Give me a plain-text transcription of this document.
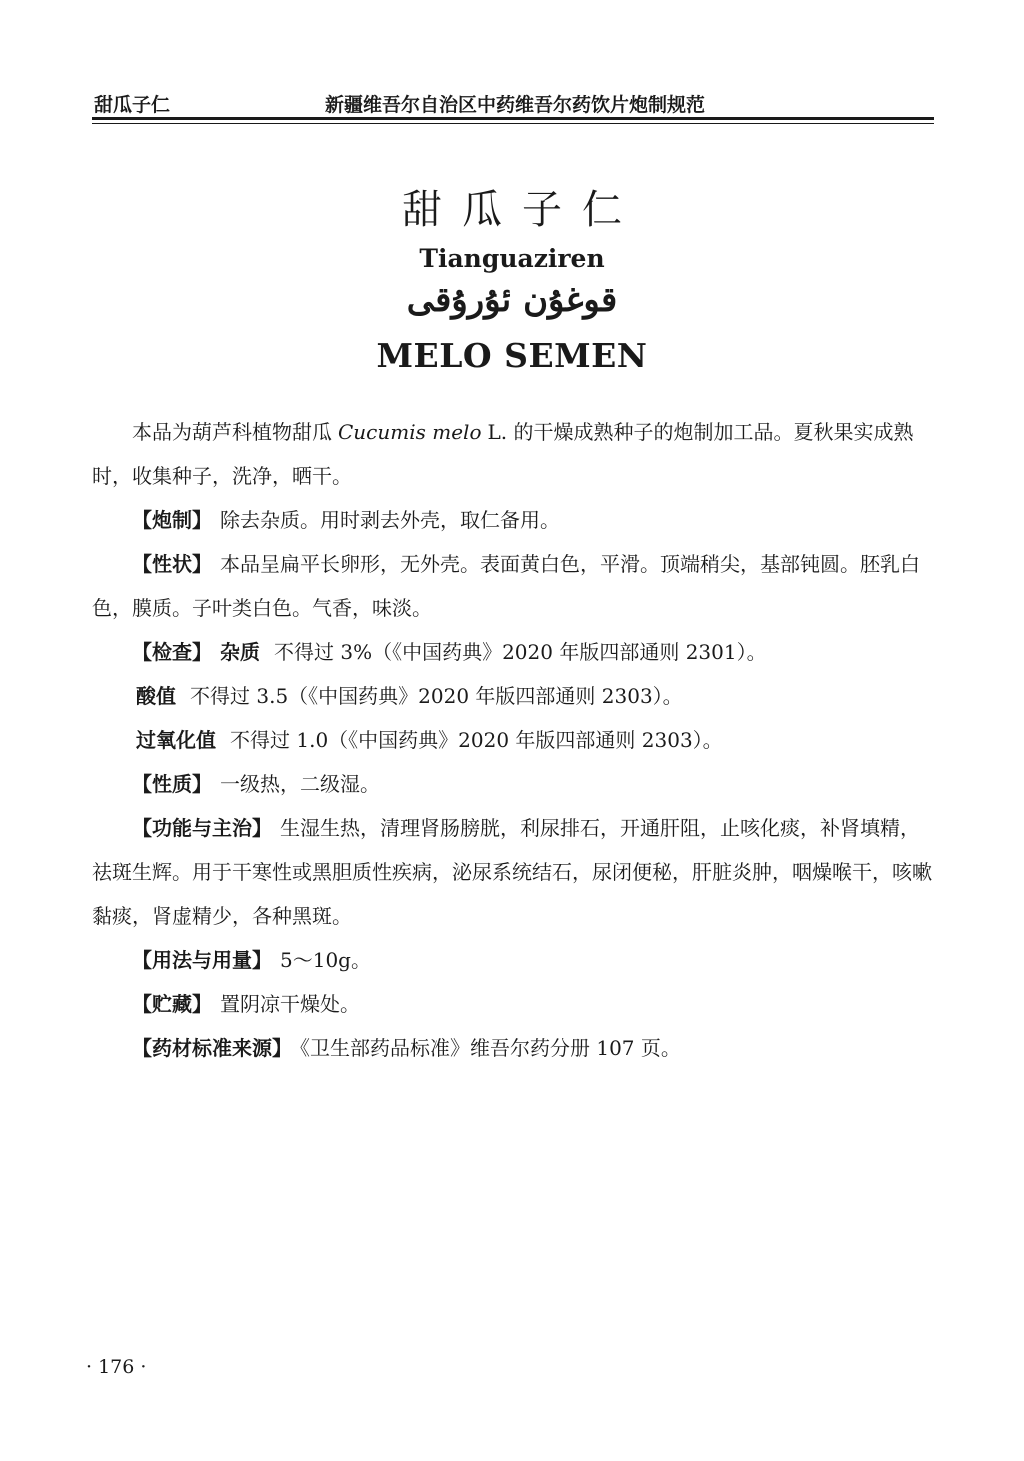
甜瓜子仁	新疆维吾尔自治区中药维吾尔药饮片炮制规范
甜瓜子仁
Tianguaziren
قوغۇن ئۇرۇقى
MELO SEMEN

本品为葫芦科植物甜瓜 Cucumis melo L. 的干燥成熟种子的炮制加工品。夏秋果实成熟时，收集种子，洗净，晒干。

【炮制】 除去杂质。用时剥去外壳，取仁备用。

【性状】 本品呈扁平长卵形，无外壳。表面黄白色，平滑。顶端稍尖，基部钝圆。胚乳白色，膜质。子叶类白色。气香，味淡。

【检查】 杂质 不得过 3%（《中国药典》2020 年版四部通则 2301）。

酸值 不得过 3.5（《中国药典》2020 年版四部通则 2303）。

过氧化值 不得过 1.0（《中国药典》2020 年版四部通则 2303）。

【性质】 一级热，二级湿。

【功能与主治】 生湿生热，清理肾肠膀胱，利尿排石，开通肝阻，止咳化痰，补肾填精，祛斑生辉。用于干寒性或黑胆质性疾病，泌尿系统结石，尿闭便秘，肝脏炎肿，咽燥喉干，咳嗽黏痰，肾虚精少，各种黑斑。

【用法与用量】 5～10g。

【贮藏】 置阴凉干燥处。

【药材标准来源】 《卫生部药品标准》维吾尔药分册 107 页。

· 176 ·
